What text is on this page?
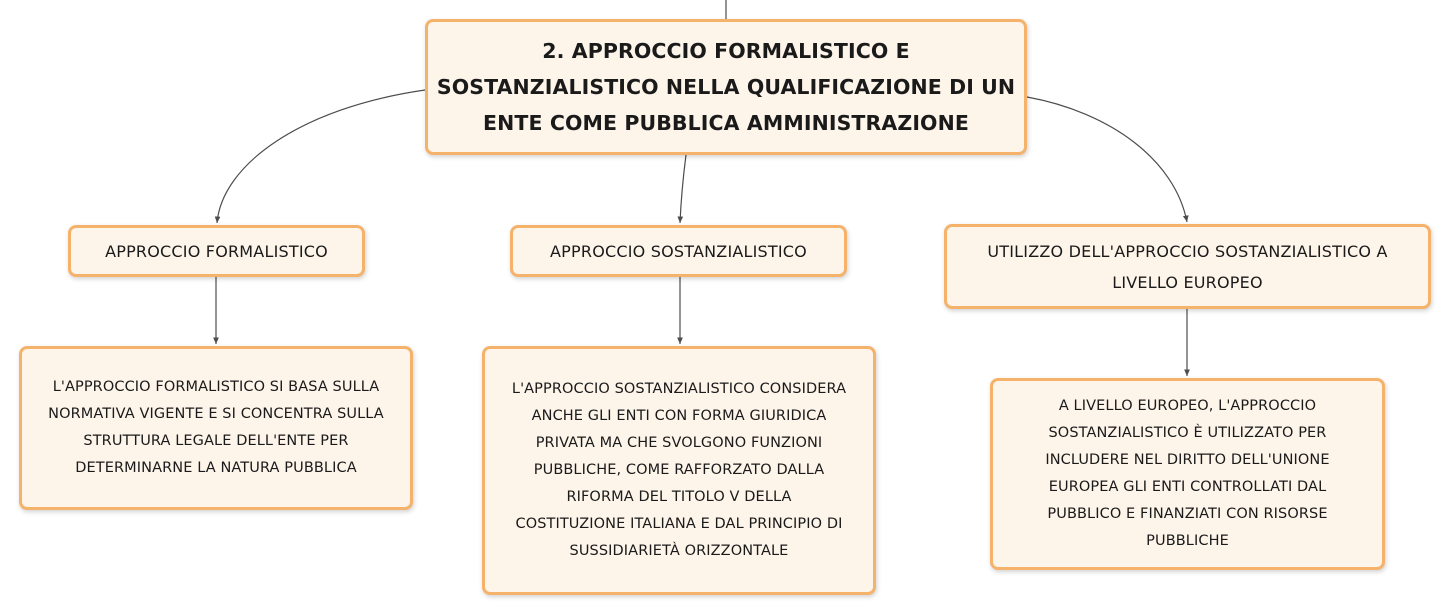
2. APPROCCIO FORMALISTICO E
SOSTANZIALISTICO NELLA QUALIFICAZIONE DI UN
ENTE COME PUBBLICA AMMINISTRAZIONE
APPROCCIO FORMALISTICO	APPROCCIO SOSTANZIALISTICO	UTILIZZO DELL'APPROCCIO SOSTANZIALISTICO A
LIVELLO EUROPEO
L'APPROCCIO FORMALISTICO SI BASA SULLA
NORMATIVA VIGENTE E SI CONCENTRA SULLA
STRUTTURA LEGALE DELL'ENTE PER
DETERMINARNE LA NATURA PUBBLICA
L'APPROCCIO SOSTANZIALISTICO CONSIDERA
ANCHE GLI ENTI CON FORMA GIURIDICA
PRIVATA MA CHE SVOLGONO FUNZIONI
PUBBLICHE, COME RAFFORZATO DALLA
RIFORMA DEL TITOLO V DELLA
COSTITUZIONE ITALIANA E DAL PRINCIPIO DI
SUSSIDIARIETÀ ORIZZONTALE
A LIVELLO EUROPEO, L'APPROCCIO
SOSTANZIALISTICO È UTILIZZATO PER
INCLUDERE NEL DIRITTO DELL'UNIONE
EUROPEA GLI ENTI CONTROLLATI DAL
PUBBLICO E FINANZIATI CON RISORSE
PUBBLICHE
